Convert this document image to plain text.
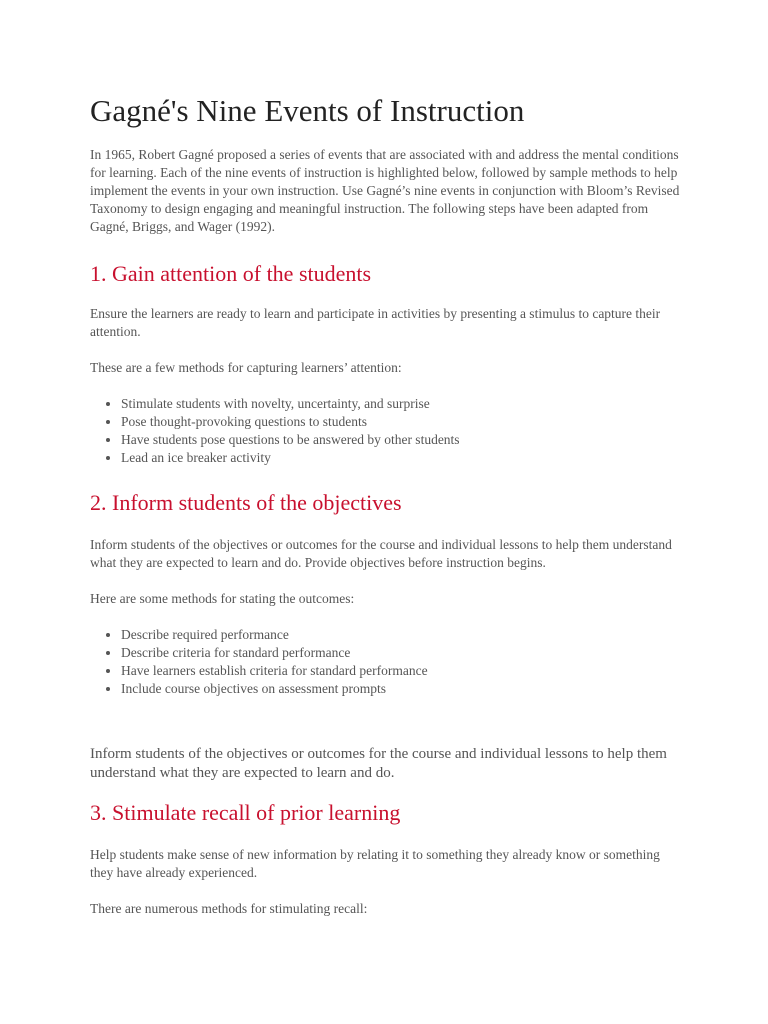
Gagné's Nine Events of Instruction

In 1965, Robert Gagné proposed a series of events that are associated with and address the mental conditions for learning. Each of the nine events of instruction is highlighted below, followed by sample methods to help implement the events in your own instruction. Use Gagné’s nine events in conjunction with Bloom’s Revised Taxonomy to design engaging and meaningful instruction. The following steps have been adapted from Gagné, Briggs, and Wager (1992).

1. Gain attention of the students

Ensure the learners are ready to learn and participate in activities by presenting a stimulus to capture their attention.

These are a few methods for capturing learners’ attention:

• Stimulate students with novelty, uncertainty, and surprise
• Pose thought-provoking questions to students
• Have students pose questions to be answered by other students
• Lead an ice breaker activity
2. Inform students of the objectives

Inform students of the objectives or outcomes for the course and individual lessons to help them understand what they are expected to learn and do. Provide objectives before instruction begins.

Here are some methods for stating the outcomes:

• Describe required performance
• Describe criteria for standard performance
• Have learners establish criteria for standard performance
• Include course objectives on assessment prompts

Inform students of the objectives or outcomes for the course and individual lessons to help them understand what they are expected to learn and do.

3. Stimulate recall of prior learning

Help students make sense of new information by relating it to something they already know or something they have already experienced.

There are numerous methods for stimulating recall:
